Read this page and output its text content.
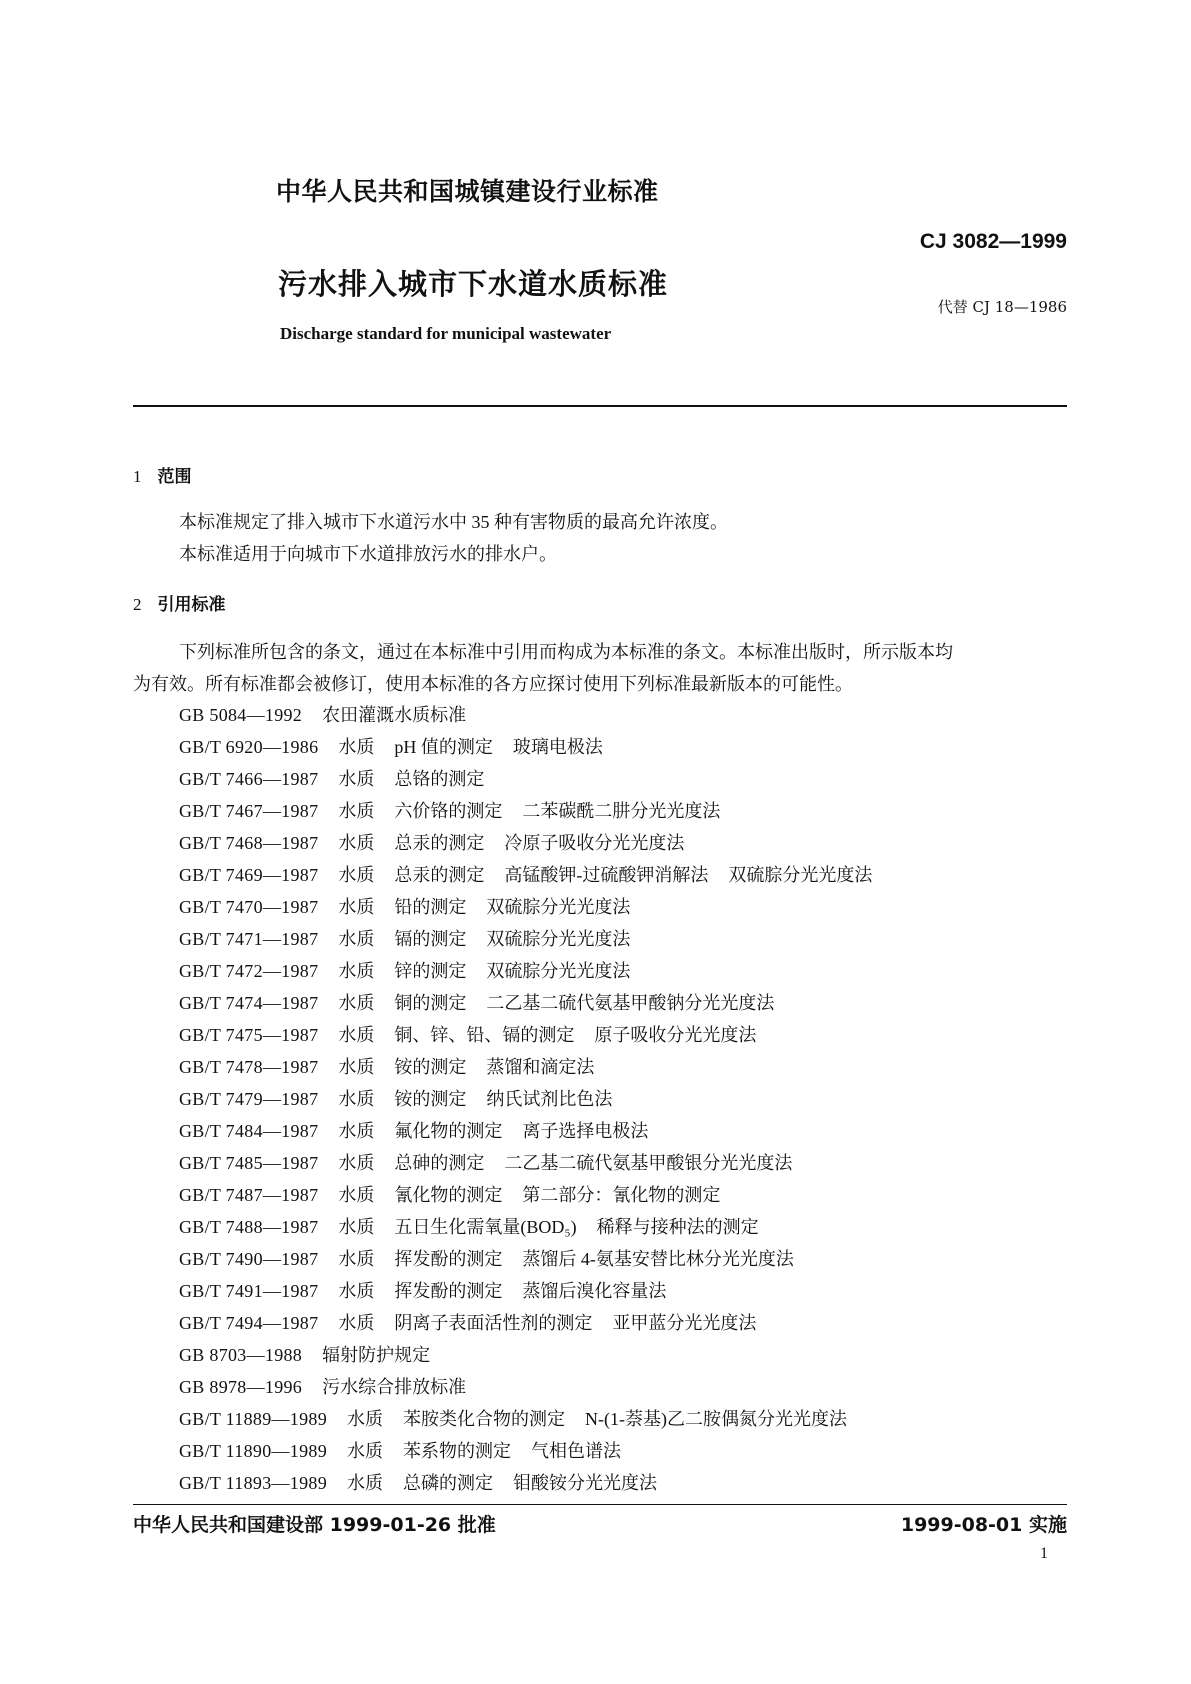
中华人民共和国城镇建设行业标准
CJ 3082—1999
污水排入城市下水道水质标准
代替 CJ 18—1986
Discharge standard for municipal wastewater
1 范围
本标准规定了排入城市下水道污水中 35 种有害物质的最高允许浓度。
本标准适用于向城市下水道排放污水的排水户。
2 引用标准
下列标准所包含的条文，通过在本标准中引用而构成为本标准的条文。本标准出版时，所示版本均
为有效。所有标准都会被修订，使用本标准的各方应探讨使用下列标准最新版本的可能性。
GB 5084—1992 农田灌溉水质标准
GB/T 6920—1986 水质 pH 值的测定 玻璃电极法
GB/T 7466—1987 水质 总铬的测定
GB/T 7467—1987 水质 六价铬的测定 二苯碳酰二肼分光光度法
GB/T 7468—1987 水质 总汞的测定 冷原子吸收分光光度法
GB/T 7469—1987 水质 总汞的测定 高锰酸钾-过硫酸钾消解法 双硫腙分光光度法
GB/T 7470—1987 水质 铅的测定 双硫腙分光光度法
GB/T 7471—1987 水质 镉的测定 双硫腙分光光度法
GB/T 7472—1987 水质 锌的测定 双硫腙分光光度法
GB/T 7474—1987 水质 铜的测定 二乙基二硫代氨基甲酸钠分光光度法
GB/T 7475—1987 水质 铜、锌、铅、镉的测定 原子吸收分光光度法
GB/T 7478—1987 水质 铵的测定 蒸馏和滴定法
GB/T 7479—1987 水质 铵的测定 纳氏试剂比色法
GB/T 7484—1987 水质 氟化物的测定 离子选择电极法
GB/T 7485—1987 水质 总砷的测定 二乙基二硫代氨基甲酸银分光光度法
GB/T 7487—1987 水质 氰化物的测定 第二部分：氰化物的测定
GB/T 7488—1987 水质 五日生化需氧量(BOD₅) 稀释与接种法的测定
GB/T 7490—1987 水质 挥发酚的测定 蒸馏后 4-氨基安替比林分光光度法
GB/T 7491—1987 水质 挥发酚的测定 蒸馏后溴化容量法
GB/T 7494—1987 水质 阴离子表面活性剂的测定 亚甲蓝分光光度法
GB 8703—1988 辐射防护规定
GB 8978—1996 污水综合排放标准
GB/T 11889—1989 水质 苯胺类化合物的测定 N-(1-萘基)乙二胺偶氮分光光度法
GB/T 11890—1989 水质 苯系物的测定 气相色谱法
GB/T 11893—1989 水质 总磷的测定 钼酸铵分光光度法
中华人民共和国建设部 1999-01-26 批准	1999-08-01 实施
1
